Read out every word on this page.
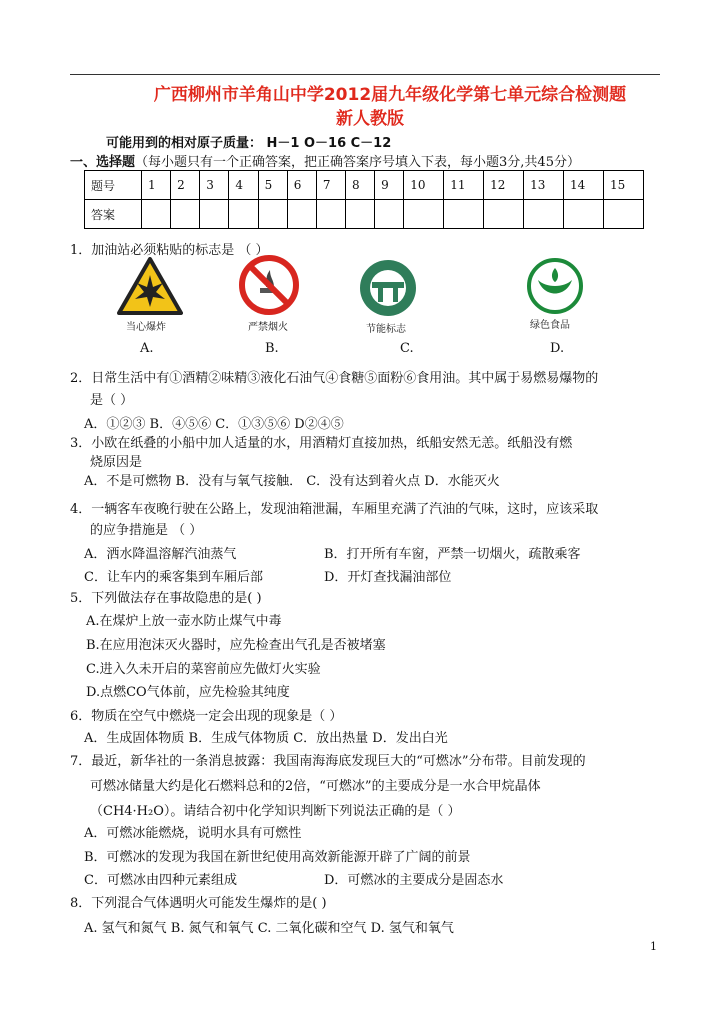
广西柳州市羊角山中学2012届九年级化学第七单元综合检测题
新人教版
可能用到的相对原子质量： H－1 O－16 C－12
一、选择题（每小题只有一个正确答案，把正确答案序号填入下表，每小题3分,共45分）
题号	1	2	3	4	5	6	7	8	9	10	11	12	13	14	15
答案															
1．加油站必须粘贴的标志是 （ ）
当心爆炸
A.
严禁烟火
B.
节能标志
C.
绿色食品
D.
2．日常生活中有①酒精②味精③液化石油气④食糖⑤面粉⑥食用油。其中属于易燃易爆物的
是（ ）
A．①②③ B．④⑤⑥ C．①③⑤⑥ D②④⑤
3．小欧在纸叠的小船中加人适量的水，用酒精灯直接加热，纸船安然无恙。纸船没有燃
烧原因是
A．不是可燃物 B．没有与氧气接触． C．没有达到着火点 D．水能灭火
4．一辆客车夜晚行驶在公路上，发现油箱泄漏，车厢里充满了汽油的气味，这时，应该采取
的应争措施是 （ ）
A．洒水降温溶解汽油蒸气	B．打开所有车窗，严禁一切烟火，疏散乘客
C．让车内的乘客集到车厢后部	D．开灯查找漏油部位
5．下列做法存在事故隐患的是( )
A.在煤炉上放一壶水防止煤气中毒
B.在应用泡沫灭火器时，应先检查出气孔是否被堵塞
C.进入久未开启的菜窖前应先做灯火实验
D.点燃CO气体前，应先检验其纯度
6．物质在空气中燃烧一定会出现的现象是（ ）
A．生成固体物质 B．生成气体物质 C．放出热量 D．发出白光
7．最近，新华社的一条消息披露：我国南海海底发现巨大的“可燃冰”分布带。目前发现的
可燃冰储量大约是化石燃料总和的2倍，“可燃冰”的主要成分是一水合甲烷晶体
（CH4·H₂O）。请结合初中化学知识判断下列说法正确的是（ ）
A．可燃冰能燃烧，说明水具有可燃性
B．可燃冰的发现为我国在新世纪使用高效新能源开辟了广阔的前景
C．可燃冰由四种元素组成	D．可燃冰的主要成分是固态水
8．下列混合气体遇明火可能发生爆炸的是( )
A. 氢气和氮气 B. 氮气和氧气 C. 二氧化碳和空气 D. 氢气和氧气
1
